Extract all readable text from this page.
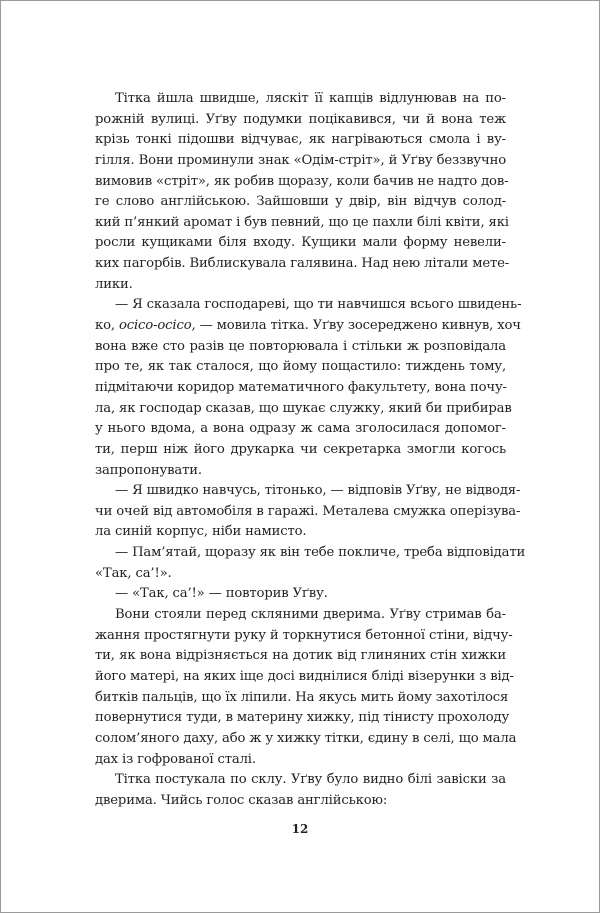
Тітка йшла швидше, ляскіт її капців відлунював на по-
рожній вулиці. Уґву подумки поцікавився, чи й вона теж
крізь тонкі підошви відчуває, як нагріваються смола і ву-
гілля. Вони проминули знак «Одім-стріт», й Уґву беззвучно
вимовив «стріт», як робив щоразу, коли бачив не надто дов-
ге слово англійською. Зайшовши у двір, він відчув солод-
кий п’янкий аромат і був певний, що це пахли білі квіти, які
росли кущиками біля входу. Кущики мали форму невели-
ких пагорбів. Виблискувала галявина. Над нею літали мете-
лики.
— Я сказала господареві, що ти навчишся всього швидень-
ко, осісо-осісо, — мовила тітка. Уґву зосереджено кивнув, хоч
вона вже сто разів це повторювала і стільки ж розповідала
про те, як так сталося, що йому пощастило: тиждень тому,
підмітаючи коридор математичного факультету, вона почу-
ла, як господар сказав, що шукає служку, який би прибирав
у нього вдома, а вона одразу ж сама зголосилася допомог-
ти, перш ніж його друкарка чи секретарка змогли когось
запропонувати.
— Я швидко навчусь, тітонько, — відповів Уґву, не відводя-
чи очей від автомобіля в гаражі. Металева смужка оперізува-
ла синій корпус, ніби намисто.
— Пам’ятай, щоразу як він тебе покличе, треба відповідати
«Так, са’!».
— «Так, са’!» — повторив Уґву.
Вони стояли перед скляними дверима. Уґву стримав ба-
жання простягнути руку й торкнутися бетонної стіни, відчу-
ти, як вона відрізняється на дотик від глиняних стін хижки
його матері, на яких іще досі виднілися бліді візерунки з від-
битків пальців, що їх ліпили. На якусь мить йому захотілося
повернутися туди, в материну хижку, під тінисту прохолоду
солом’яного даху, або ж у хижку тітки, єдину в селі, що мала
дах із гофрованої сталі.
Тітка постукала по склу. Уґву було видно білі завіски за
дверима. Чийсь голос сказав англійською:
12
